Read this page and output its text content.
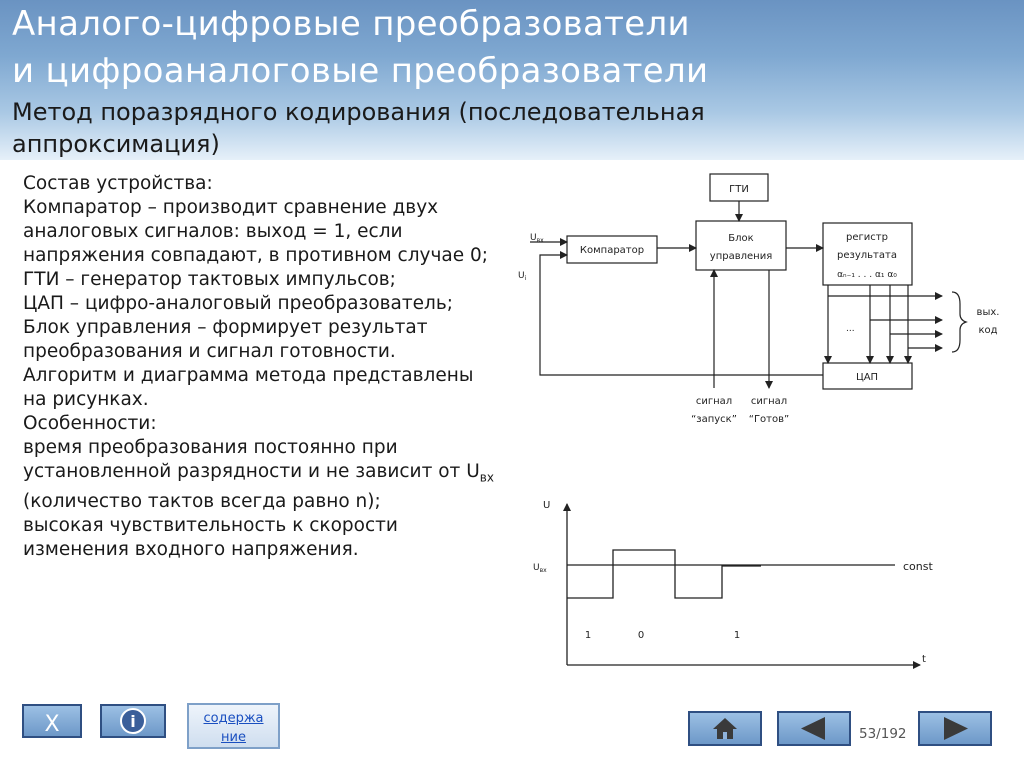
Аналого-цифровые преобразователи
и цифроаналоговые преобразователи
Метод поразрядного кодирования (последовательная аппроксимация)
Состав устройства:
Компаратор – производит сравнение двух аналоговых сигналов: выход = 1, если напряжения совпадают, в противном случае 0;
ГТИ – генератор тактовых импульсов;
ЦАП – цифро-аналоговый преобразователь;
Блок управления – формирует результат преобразования и сигнал готовности.
Алгоритм и диаграмма метода представлены на рисунках.
Особенности:
время преобразования постоянно при установленной разрядности и не зависит от $U_{вх}$ (количество тактов всегда равно n);
высокая чувствительность к скорости изменения входного напряжения.
ГТИ
Компаратор
Блок
управления
регистр
результата
αₙ₋₁ . . . α₁ α₀
ЦАП
$U_{вх}$
$U_i$
...
вых.
код
сигнал
“запуск”
сигнал
“Готов”
U
t
$U_{вх}$	const
1	0	1
X	i	содержа
ние	53/192
